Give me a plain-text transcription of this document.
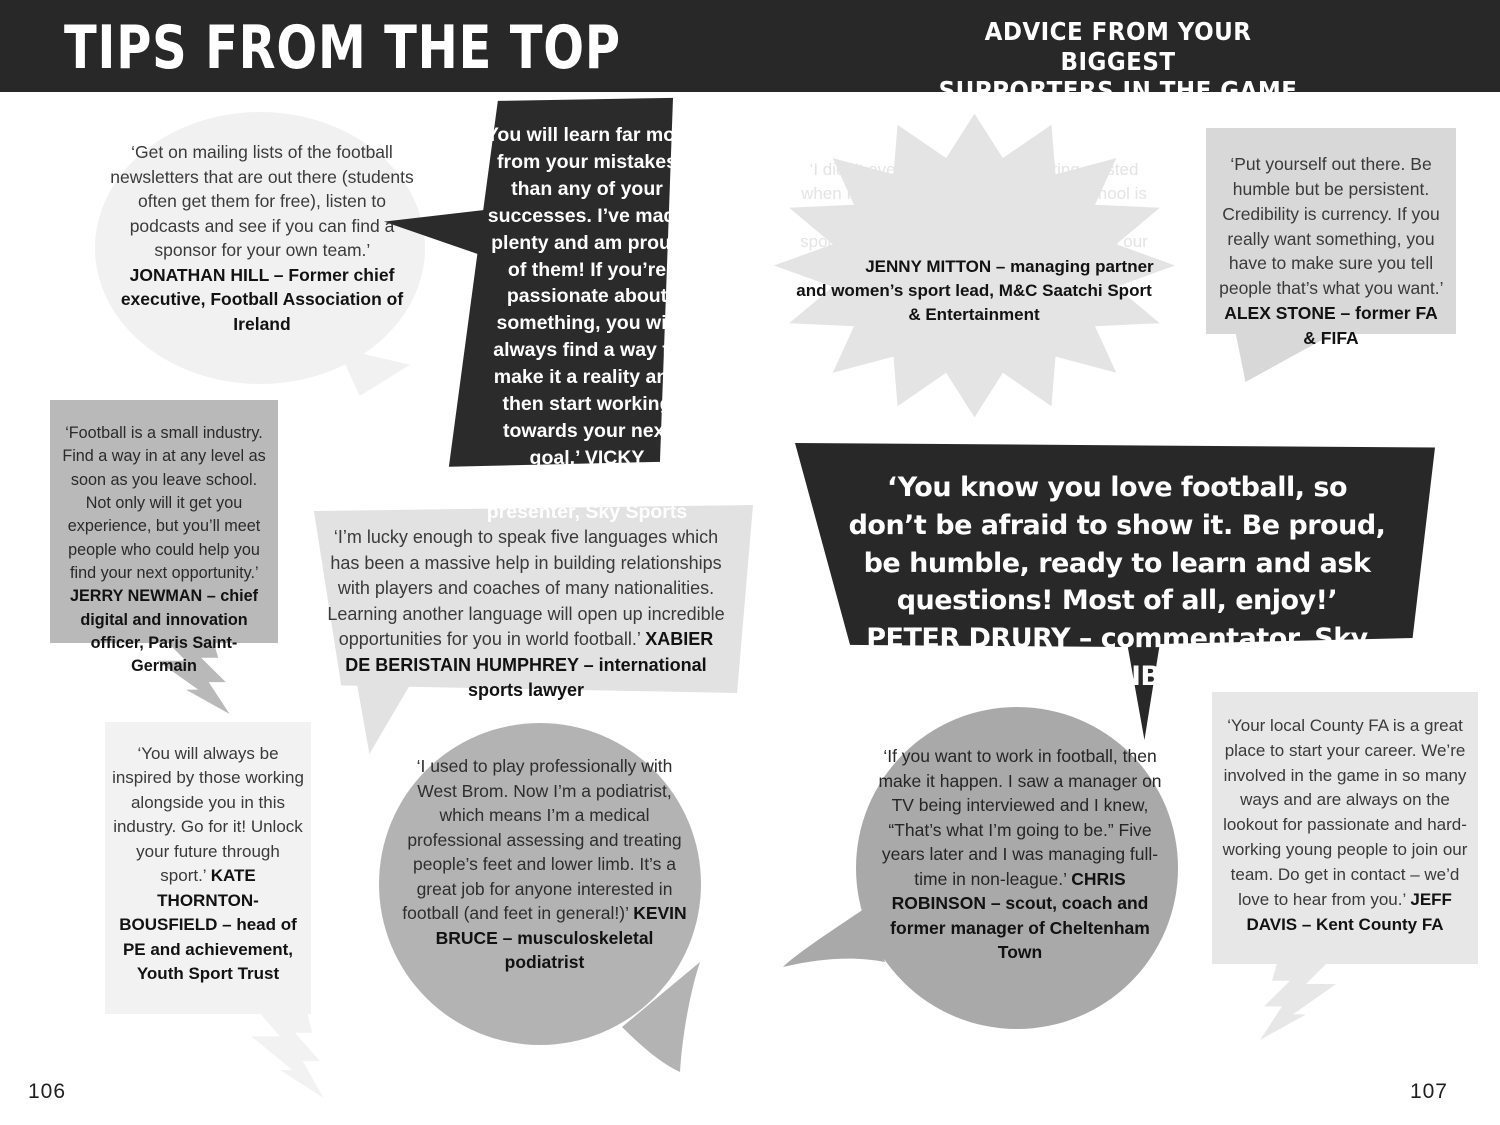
TIPS FROM THE TOP	ADVICE FROM YOUR BIGGEST
SUPPORTERS IN THE GAME
‘Get on mailing lists of the football newsletters that are out there (students often get them for free), listen to podcasts and see if you can find a sponsor for your own team.’ JONATHAN HILL – Former chief executive, Football Association of Ireland
‘You will learn far more from your mistakes than any of your successes. I’ve made plenty and am proud of them! If you’re passionate about something, you will always find a way to make it a reality and then start working towards your next goal.’ VICKY GOMERSALL – presenter, Sky Sports
‘I didn’t even know sports marketing existed when I left school. Playing football at school is a great way to set yourself up for working in sports sponsorships as teamwork is key in our industry.’ JENNY MITTON – managing partner and women’s sport lead, M&C Saatchi Sport & Entertainment
‘Put yourself out there. Be humble but be persistent. Credibility is currency. If you really want something, you have to make sure you tell people that’s what you want.’ ALEX STONE – former FA & FIFA
‘Football is a small industry. Find a way in at any level as soon as you leave school. Not only will it get you experience, but you’ll meet people who could help you find your next opportunity.’ JERRY NEWMAN – chief digital and innovation officer, Paris Saint-Germain
‘I’m lucky enough to speak five languages which has been a massive help in building relationships with players and coaches of many nationalities. Learning another language will open up incredible opportunities for you in world football.’ XABIER DE BERISTAIN HUMPHREY – international sports lawyer
‘You know you love football, so don’t be afraid to show it. Be proud, be humble, ready to learn and ask questions! Most of all, enjoy!’ PETER DRURY – commentator, Sky Sports and NBC Sports
‘You will always be inspired by those working alongside you in this industry. Go for it! Unlock your future through sport.’ KATE THORNTON-BOUSFIELD – head of PE and achievement, Youth Sport Trust
‘I used to play professionally with West Brom. Now I’m a podiatrist, which means I’m a medical professional assessing and treating people’s feet and lower limb. It’s a great job for anyone interested in football (and feet in general!)’ KEVIN BRUCE – musculoskeletal podiatrist
‘If you want to work in football, then make it happen. I saw a manager on TV being interviewed and I knew, “That’s what I’m going to be.” Five years later and I was managing full-time in non-league.’ CHRIS ROBINSON – scout, coach and former manager of Cheltenham Town
‘Your local County FA is a great place to start your career. We’re involved in the game in so many ways and are always on the lookout for passionate and hard-working young people to join our team. Do get in contact – we’d love to hear from you.’ JEFF DAVIS – Kent County FA
106	107
